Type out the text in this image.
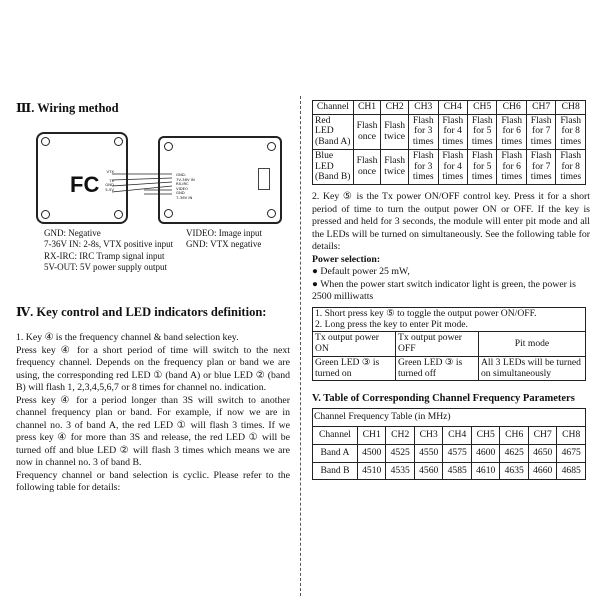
Ⅲ. Wiring method
FC
VTX
Tx
GND
5-5V
GND-
7V-36V IN
RX-IRC
VIDEO
GND
7-36V IN
GND: Negative
7-36V IN: 2-8s, VTX positive input
RX-IRC: IRC Tramp signal input
5V-OUT: 5V power supply output
VIDEO: Image input
GND: VTX negative
Ⅳ. Key control and LED indicators definition:

1. Key ④ is the frequency channel & band selection key.

Press key ④ for a short period of time will switch to the next frequency channel. Depends on the frequency plan or band we are using, the corresponding red LED ① (band A) or blue LED ② (band B) will flash 1, 2,3,4,5,6,7 or 8 times for channel no. indication.

Press key ④ for a period longer than 3S will switch to another channel frequency plan or band. For example, if now we are in channel no. 3 of band A, the red LED ① will flash 3 times. If we press key ④ for more than 3S and release, the red LED ① will be turned off and blue LED ② will flash 3 times which means we are now in channel no. 3 of band B.

Frequency channel or band selection is cyclic. Please refer to the following table for details:

Channel	CH1	CH2	CH3	CH4	CH5	CH6	CH7	CH8
Red LED (Band A)	Flash once	Flash twice	Flash for 3 times	Flash for 4 times	Flash for 5 times	Flash for 6 times	Flash for 7 times	Flash for 8 times
Blue LED (Band B)	Flash once	Flash twice	Flash for 3 times	Flash for 4 times	Flash for 5 times	Flash for 6 times	Flash for 7 times	Flash for 8 times

2. Key ⑤ is the Tx power ON/OFF control key. Press it for a short period of time to turn the output power ON or OFF. If the key is pressed and held for 3 seconds, the module will enter pit mode and all the LEDs will be turned on simultaneously. See the following table for details:

Power selection:

● Default power 25 mW,

● When the power start switch indicator light is green, the power is 2500 milliwatts

1. Short press key ⑤ to toggle the output power ON/OFF.
2. Long press the key to enter Pit mode.		

Tx output power ON	Tx output power OFF	Pit mode
Green LED ③ is turned on	Green LED ③ is turned off	All 3 LEDs will be turned on simultaneously
V. Table of Corresponding Channel Frequency Parameters
Channel Frequency Table (in MHz)								
Channel	CH1	CH2	CH3	CH4	CH5	CH6	CH7	CH8
Band A	4500	4525	4550	4575	4600	4625	4650	4675
Band B	4510	4535	4560	4585	4610	4635	4660	4685
